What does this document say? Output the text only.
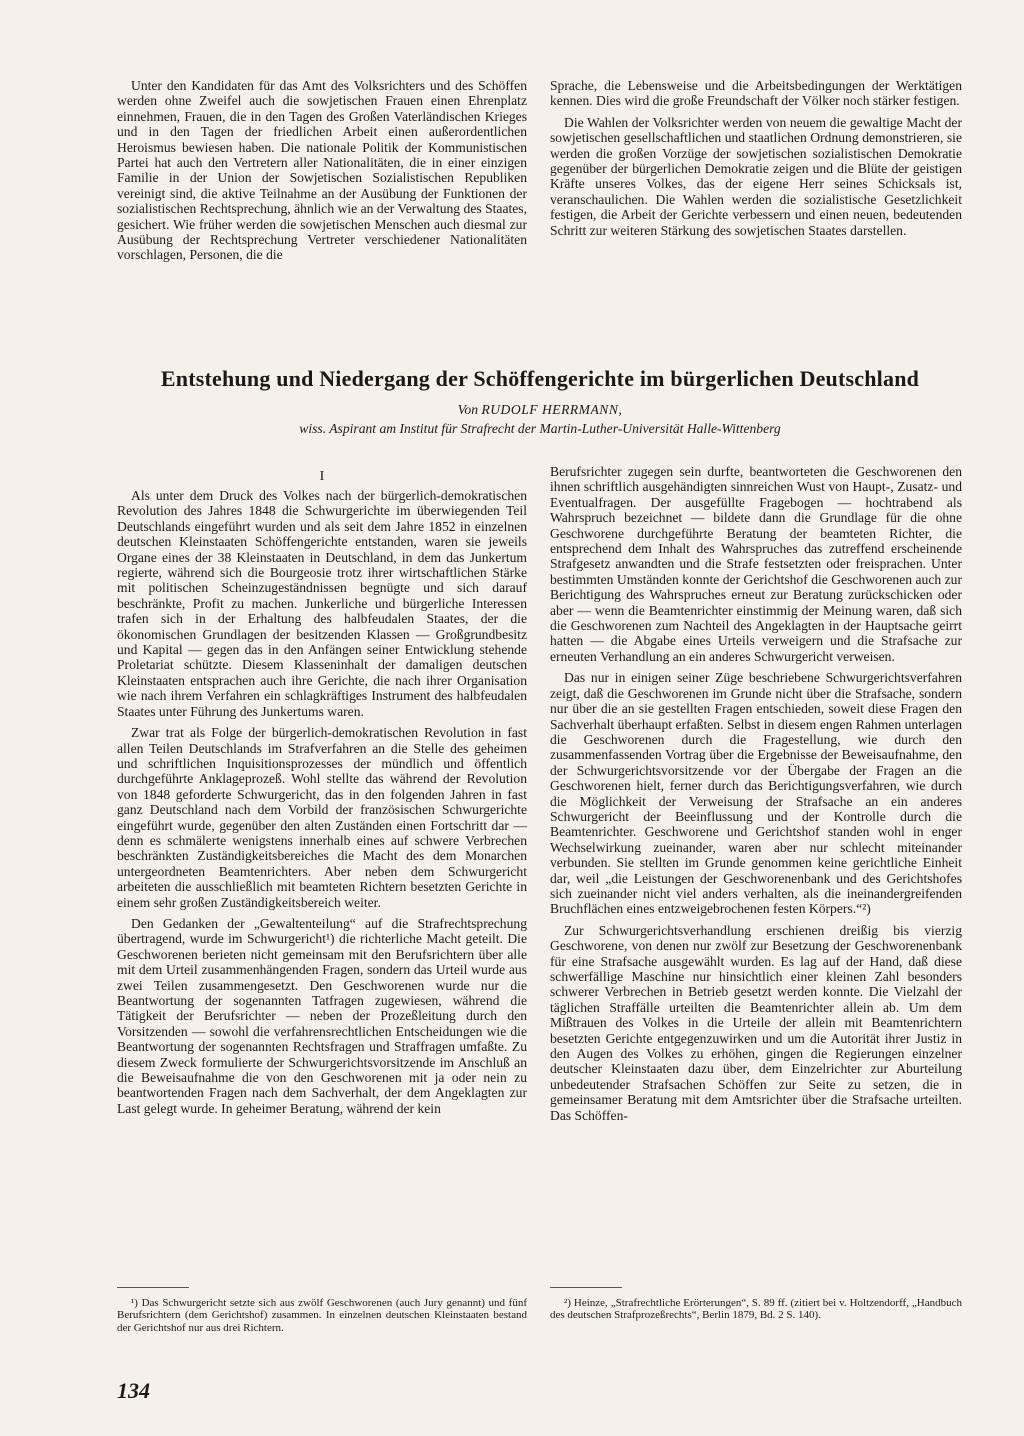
Unter den Kandidaten für das Amt des Volksrichters und des Schöffen werden ohne Zweifel auch die sowjetischen Frauen einen Ehrenplatz einnehmen, Frauen, die in den Tagen des Großen Vaterländischen Krieges und in den Tagen der friedlichen Arbeit einen außerordentlichen Heroismus bewiesen haben. Die nationale Politik der Kommunistischen Partei hat auch den Vertretern aller Nationalitäten, die in einer einzigen Familie in der Union der Sowjetischen Sozialistischen Republiken vereinigt sind, die aktive Teilnahme an der Ausübung der Funktionen der sozialistischen Rechtsprechung, ähnlich wie an der Verwaltung des Staates, gesichert. Wie früher werden die sowjetischen Menschen auch diesmal zur Ausübung der Rechtsprechung Vertreter verschiedener Nationalitäten vorschlagen, Personen, die die

Sprache, die Lebensweise und die Arbeitsbedingungen der Werktätigen kennen. Dies wird die große Freundschaft der Völker noch stärker festigen.

Die Wahlen der Volksrichter werden von neuem die gewaltige Macht der sowjetischen gesellschaftlichen und staatlichen Ordnung demonstrieren, sie werden die großen Vorzüge der sowjetischen sozialistischen Demokratie gegenüber der bürgerlichen Demokratie zeigen und die Blüte der geistigen Kräfte unseres Volkes, das der eigene Herr seines Schicksals ist, veranschaulichen. Die Wahlen werden die sozialistische Gesetzlichkeit festigen, die Arbeit der Gerichte verbessern und einen neuen, bedeutenden Schritt zur weiteren Stärkung des sowjetischen Staates darstellen.

Entstehung und Niedergang der Schöffengerichte im bürgerlichen Deutschland
Von RUDOLF HERRMANN,
wiss. Aspirant am Institut für Strafrecht der Martin-Luther-Universität Halle-Wittenberg
I

Als unter dem Druck des Volkes nach der bürgerlich-demokratischen Revolution des Jahres 1848 die Schwurgerichte im überwiegenden Teil Deutschlands eingeführt wurden und als seit dem Jahre 1852 in einzelnen deutschen Kleinstaaten Schöffengerichte entstanden, waren sie jeweils Organe eines der 38 Kleinstaaten in Deutschland, in dem das Junkertum regierte, während sich die Bourgeosie trotz ihrer wirtschaftlichen Stärke mit politischen Scheinzugeständnissen begnügte und sich darauf beschränkte, Profit zu machen. Junkerliche und bürgerliche Interessen trafen sich in der Erhaltung des halbfeudalen Staates, der die ökonomischen Grundlagen der besitzenden Klassen — Großgrundbesitz und Kapital — gegen das in den Anfängen seiner Entwicklung stehende Proletariat schützte. Diesem Klasseninhalt der damaligen deutschen Kleinstaaten entsprachen auch ihre Gerichte, die nach ihrer Organisation wie nach ihrem Verfahren ein schlagkräftiges Instrument des halbfeudalen Staates unter Führung des Junkertums waren.

Zwar trat als Folge der bürgerlich-demokratischen Revolution in fast allen Teilen Deutschlands im Strafverfahren an die Stelle des geheimen und schriftlichen Inquisitionsprozesses der mündlich und öffentlich durchgeführte Anklageprozeß. Wohl stellte das während der Revolution von 1848 geforderte Schwurgericht, das in den folgenden Jahren in fast ganz Deutschland nach dem Vorbild der französischen Schwurgerichte eingeführt wurde, gegenüber den alten Zuständen einen Fortschritt dar — denn es schmälerte wenigstens innerhalb eines auf schwere Verbrechen beschränkten Zuständigkeitsbereiches die Macht des dem Monarchen untergeordneten Beamtenrichters. Aber neben dem Schwurgericht arbeiteten die ausschließlich mit beamteten Richtern besetzten Gerichte in einem sehr großen Zuständigkeitsbereich weiter.

Den Gedanken der „Gewaltenteilung“ auf die Strafrechtsprechung übertragend, wurde im Schwurgericht¹) die richterliche Macht geteilt. Die Geschworenen berieten nicht gemeinsam mit den Berufsrichtern über alle mit dem Urteil zusammenhängenden Fragen, sondern das Urteil wurde aus zwei Teilen zusammengesetzt. Den Geschworenen wurde nur die Beantwortung der sogenannten Tatfragen zugewiesen, während die Tätigkeit der Berufsrichter — neben der Prozeßleitung durch den Vorsitzenden — sowohl die verfahrensrechtlichen Entscheidungen wie die Beantwortung der sogenannten Rechtsfragen und Straffragen umfaßte. Zu diesem Zweck formulierte der Schwurgerichtsvorsitzende im Anschluß an die Beweisaufnahme die von den Geschworenen mit ja oder nein zu beantwortenden Fragen nach dem Sachverhalt, der dem Angeklagten zur Last gelegt wurde. In geheimer Beratung, während der kein

Berufsrichter zugegen sein durfte, beantworteten die Geschworenen den ihnen schriftlich ausgehändigten sinnreichen Wust von Haupt-, Zusatz- und Eventualfragen. Der ausgefüllte Fragebogen — hochtrabend als Wahrspruch bezeichnet — bildete dann die Grundlage für die ohne Geschworene durchgeführte Beratung der beamteten Richter, die entsprechend dem Inhalt des Wahrspruches das zutreffend erscheinende Strafgesetz anwandten und die Strafe festsetzten oder freisprachen. Unter bestimmten Umständen konnte der Gerichtshof die Geschworenen auch zur Berichtigung des Wahrspruches erneut zur Beratung zurückschicken oder aber — wenn die Beamtenrichter einstimmig der Meinung waren, daß sich die Geschworenen zum Nachteil des Angeklagten in der Hauptsache geirrt hatten — die Abgabe eines Urteils verweigern und die Strafsache zur erneuten Verhandlung an ein anderes Schwurgericht verweisen.

Das nur in einigen seiner Züge beschriebene Schwurgerichtsverfahren zeigt, daß die Geschworenen im Grunde nicht über die Strafsache, sondern nur über die an sie gestellten Fragen entschieden, soweit diese Fragen den Sachverhalt überhaupt erfaßten. Selbst in diesem engen Rahmen unterlagen die Geschworenen durch die Fragestellung, wie durch den zusammenfassenden Vortrag über die Ergebnisse der Beweisaufnahme, den der Schwurgerichtsvorsitzende vor der Übergabe der Fragen an die Geschworenen hielt, ferner durch das Berichtigungsverfahren, wie durch die Möglichkeit der Verweisung der Strafsache an ein anderes Schwurgericht der Beeinflussung und der Kontrolle durch die Beamtenrichter. Geschworene und Gerichtshof standen wohl in enger Wechselwirkung zueinander, waren aber nur schlecht miteinander verbunden. Sie stellten im Grunde genommen keine gerichtliche Einheit dar, weil „die Leistungen der Geschworenenbank und des Gerichtshofes sich zueinander nicht viel anders verhalten, als die ineinandergreifenden Bruchflächen eines entzweigebrochenen festen Körpers.“²)

Zur Schwurgerichtsverhandlung erschienen dreißig bis vierzig Geschworene, von denen nur zwölf zur Besetzung der Geschworenenbank für eine Strafsache ausgewählt wurden. Es lag auf der Hand, daß diese schwerfällige Maschine nur hinsichtlich einer kleinen Zahl besonders schwerer Verbrechen in Betrieb gesetzt werden konnte. Die Vielzahl der täglichen Straffälle urteilten die Beamtenrichter allein ab. Um dem Mißtrauen des Volkes in die Urteile der allein mit Beamtenrichtern besetzten Gerichte entgegenzuwirken und um die Autorität ihrer Justiz in den Augen des Volkes zu erhöhen, gingen die Regierungen einzelner deutscher Kleinstaaten dazu über, dem Einzelrichter zur Aburteilung unbedeutender Strafsachen Schöffen zur Seite zu setzen, die in gemeinsamer Beratung mit dem Amtsrichter über die Strafsache urteilten. Das Schöffen-

¹) Das Schwurgericht setzte sich aus zwölf Geschworenen (auch Jury genannt) und fünf Berufsrichtern (dem Gerichtshof) zusammen. In einzelnen deutschen Kleinstaaten bestand der Gerichtshof nur aus drei Richtern.

²) Heinze, „Strafrechtliche Erörterungen“, S. 89 ff. (zitiert bei v. Holtzendorff, „Handbuch des deutschen Strafprozeßrechts“, Berlin 1879, Bd. 2 S. 140).

134
